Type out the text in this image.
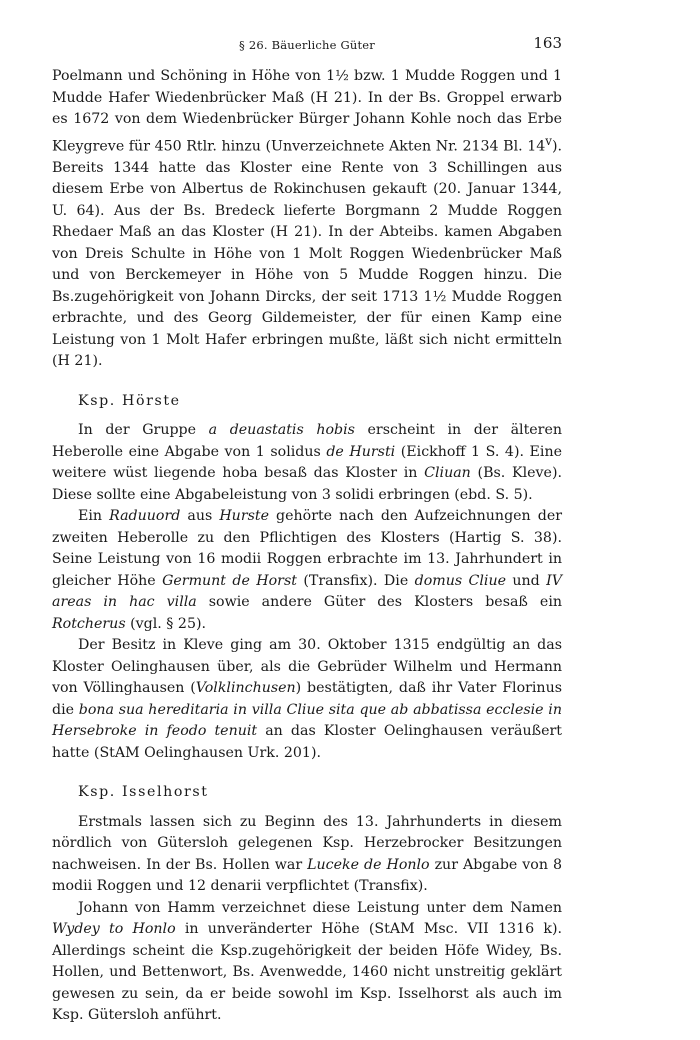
§ 26. Bäuerliche Güter	163

Poelmann und Schöning in Höhe von 1½ bzw. 1 Mudde Roggen und 1 Mudde Hafer Wiedenbrücker Maß (H 21). In der Bs. Groppel erwarb es 1672 von dem Wiedenbrücker Bürger Johann Kohle noch das Erbe Kleygreve für 450 Rtlr. hinzu (Unverzeichnete Akten Nr. 2134 Bl. 14$^v$). Bereits 1344 hatte das Kloster eine Rente von 3 Schillingen aus diesem Erbe von Albertus de Rokinchusen gekauft (20. Januar 1344, U. 64). Aus der Bs. Bredeck lieferte Borgmann 2 Mudde Roggen Rhedaer Maß an das Kloster (H 21). In der Abteibs. kamen Abgaben von Dreis Schulte in Höhe von 1 Molt Roggen Wiedenbrücker Maß und von Berckemeyer in Höhe von 5 Mudde Roggen hinzu. Die Bs.zugehörigkeit von Johann Dircks, der seit 1713 1½ Mudde Roggen erbrachte, und des Georg Gildemeister, der für einen Kamp eine Leistung von 1 Molt Hafer erbringen mußte, läßt sich nicht ermitteln (H 21).

Ksp. Hörste

In der Gruppe a deuastatis hobis erscheint in der älteren Heberolle eine Abgabe von 1 solidus de Hursti (Eickhoff 1 S. 4). Eine weitere wüst liegende hoba besaß das Kloster in Cliuan (Bs. Kleve). Diese sollte eine Abgabeleistung von 3 solidi erbringen (ebd. S. 5).

Ein Raduuord aus Hurste gehörte nach den Aufzeichnungen der zweiten Heberolle zu den Pflichtigen des Klosters (Hartig S. 38). Seine Leistung von 16 modii Roggen erbrachte im 13. Jahrhundert in gleicher Höhe Germunt de Horst (Transfix). Die domus Cliue und IV areas in hac villa sowie andere Güter des Klosters besaß ein Rotcherus (vgl. § 25).

Der Besitz in Kleve ging am 30. Oktober 1315 endgültig an das Kloster Oelinghausen über, als die Gebrüder Wilhelm und Hermann von Völlinghausen (Volklinchusen) bestätigten, daß ihr Vater Florinus die bona sua hereditaria in villa Cliue sita que ab abbatissa ecclesie in Hersebroke in feodo tenuit an das Kloster Oelinghausen veräußert hatte (StAM Oelinghausen Urk. 201).

Ksp. Isselhorst

Erstmals lassen sich zu Beginn des 13. Jahrhunderts in diesem nördlich von Gütersloh gelegenen Ksp. Herzebrocker Besitzungen nachweisen. In der Bs. Hollen war Luceke de Honlo zur Abgabe von 8 modii Roggen und 12 denarii verpflichtet (Transfix).

Johann von Hamm verzeichnet diese Leistung unter dem Namen Wydey to Honlo in unveränderter Höhe (StAM Msc. VII 1316 k). Allerdings scheint die Ksp.zugehörigkeit der beiden Höfe Widey, Bs. Hollen, und Bettenwort, Bs. Avenwedde, 1460 nicht unstreitig geklärt gewesen zu sein, da er beide sowohl im Ksp. Isselhorst als auch im Ksp. Gütersloh anführt.
